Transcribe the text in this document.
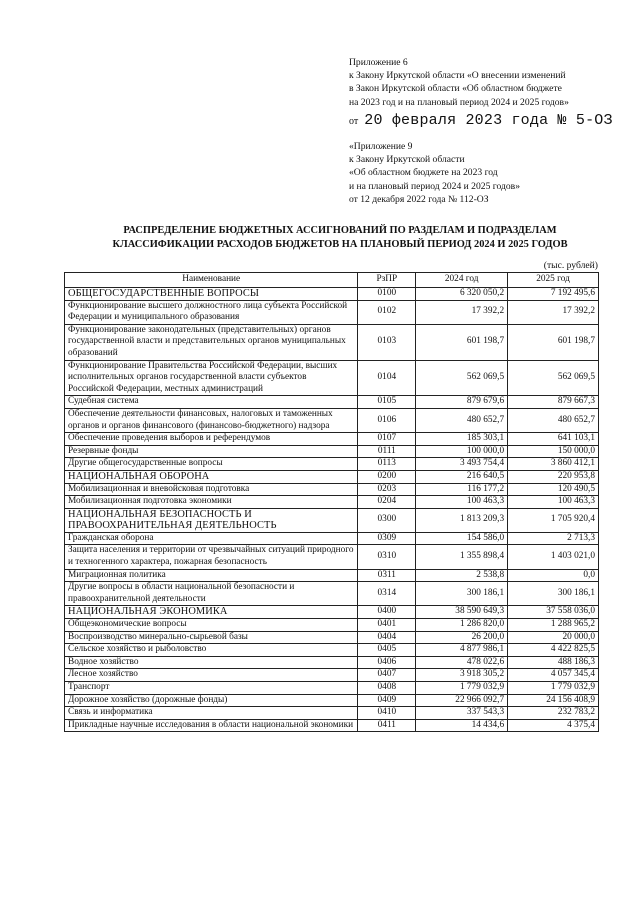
Приложение 6
к Закону Иркутской области «О внесении изменений
в Закон Иркутской области «Об областном бюджете
на 2023 год и на плановый период 2024 и 2025 годов»
от 20 февраля 2023 года № 5-ОЗ
«Приложение 9
к Закону Иркутской области
«Об областном бюджете на 2023 год
и на плановый период 2024 и 2025 годов»
от 12 декабря 2022 года № 112-ОЗ
РАСПРЕДЕЛЕНИЕ БЮДЖЕТНЫХ АССИГНОВАНИЙ ПО РАЗДЕЛАМ И ПОДРАЗДЕЛАМ
КЛАССИФИКАЦИИ РАСХОДОВ БЮДЖЕТОВ НА ПЛАНОВЫЙ ПЕРИОД 2024 И 2025 ГОДОВ
(тыс. рублей)
Наименование	РзПР	2024 год	2025 год
ОБЩЕГОСУДАРСТВЕННЫЕ ВОПРОСЫ	0100	6 320 050,2	7 192 495,6
Функционирование высшего должностного лица субъекта Российской Федерации и муниципального образования	0102	17 392,2	17 392,2
Функционирование законодательных (представительных) органов государственной власти и представительных органов муниципальных образований	0103	601 198,7	601 198,7
Функционирование Правительства Российской Федерации, высших исполнительных органов государственной власти субъектов Российской Федерации, местных администраций	0104	562 069,5	562 069,5
Судебная система	0105	879 679,6	879 667,3
Обеспечение деятельности финансовых, налоговых и таможенных органов и органов финансового (финансово-бюджетного) надзора	0106	480 652,7	480 652,7
Обеспечение проведения выборов и референдумов	0107	185 303,1	641 103,1
Резервные фонды	0111	100 000,0	150 000,0
Другие общегосударственные вопросы	0113	3 493 754,4	3 860 412,1
НАЦИОНАЛЬНАЯ ОБОРОНА	0200	216 640,5	220 953,8
Мобилизационная и вневойсковая подготовка	0203	116 177,2	120 490,5
Мобилизационная подготовка экономики	0204	100 463,3	100 463,3
НАЦИОНАЛЬНАЯ БЕЗОПАСНОСТЬ И ПРАВООХРАНИТЕЛЬНАЯ ДЕЯТЕЛЬНОСТЬ	0300	1 813 209,3	1 705 920,4
Гражданская оборона	0309	154 586,0	2 713,3
Защита населения и территории от чрезвычайных ситуаций природного и техногенного характера, пожарная безопасность	0310	1 355 898,4	1 403 021,0
Миграционная политика	0311	2 538,8	0,0
Другие вопросы в области национальной безопасности и правоохранительной деятельности	0314	300 186,1	300 186,1
НАЦИОНАЛЬНАЯ ЭКОНОМИКА	0400	38 590 649,3	37 558 036,0
Общеэкономические вопросы	0401	1 286 820,0	1 288 965,2
Воспроизводство минерально-сырьевой базы	0404	26 200,0	20 000,0
Сельское хозяйство и рыболовство	0405	4 877 986,1	4 422 825,5
Водное хозяйство	0406	478 022,6	488 186,3
Лесное хозяйство	0407	3 918 305,2	4 057 345,4
Транспорт	0408	1 779 032,9	1 779 032,9
Дорожное хозяйство (дорожные фонды)	0409	22 966 092,7	24 156 408,9
Связь и информатика	0410	337 543,3	232 783,2
Прикладные научные исследования в области национальной экономики	0411	14 434,6	4 375,4
